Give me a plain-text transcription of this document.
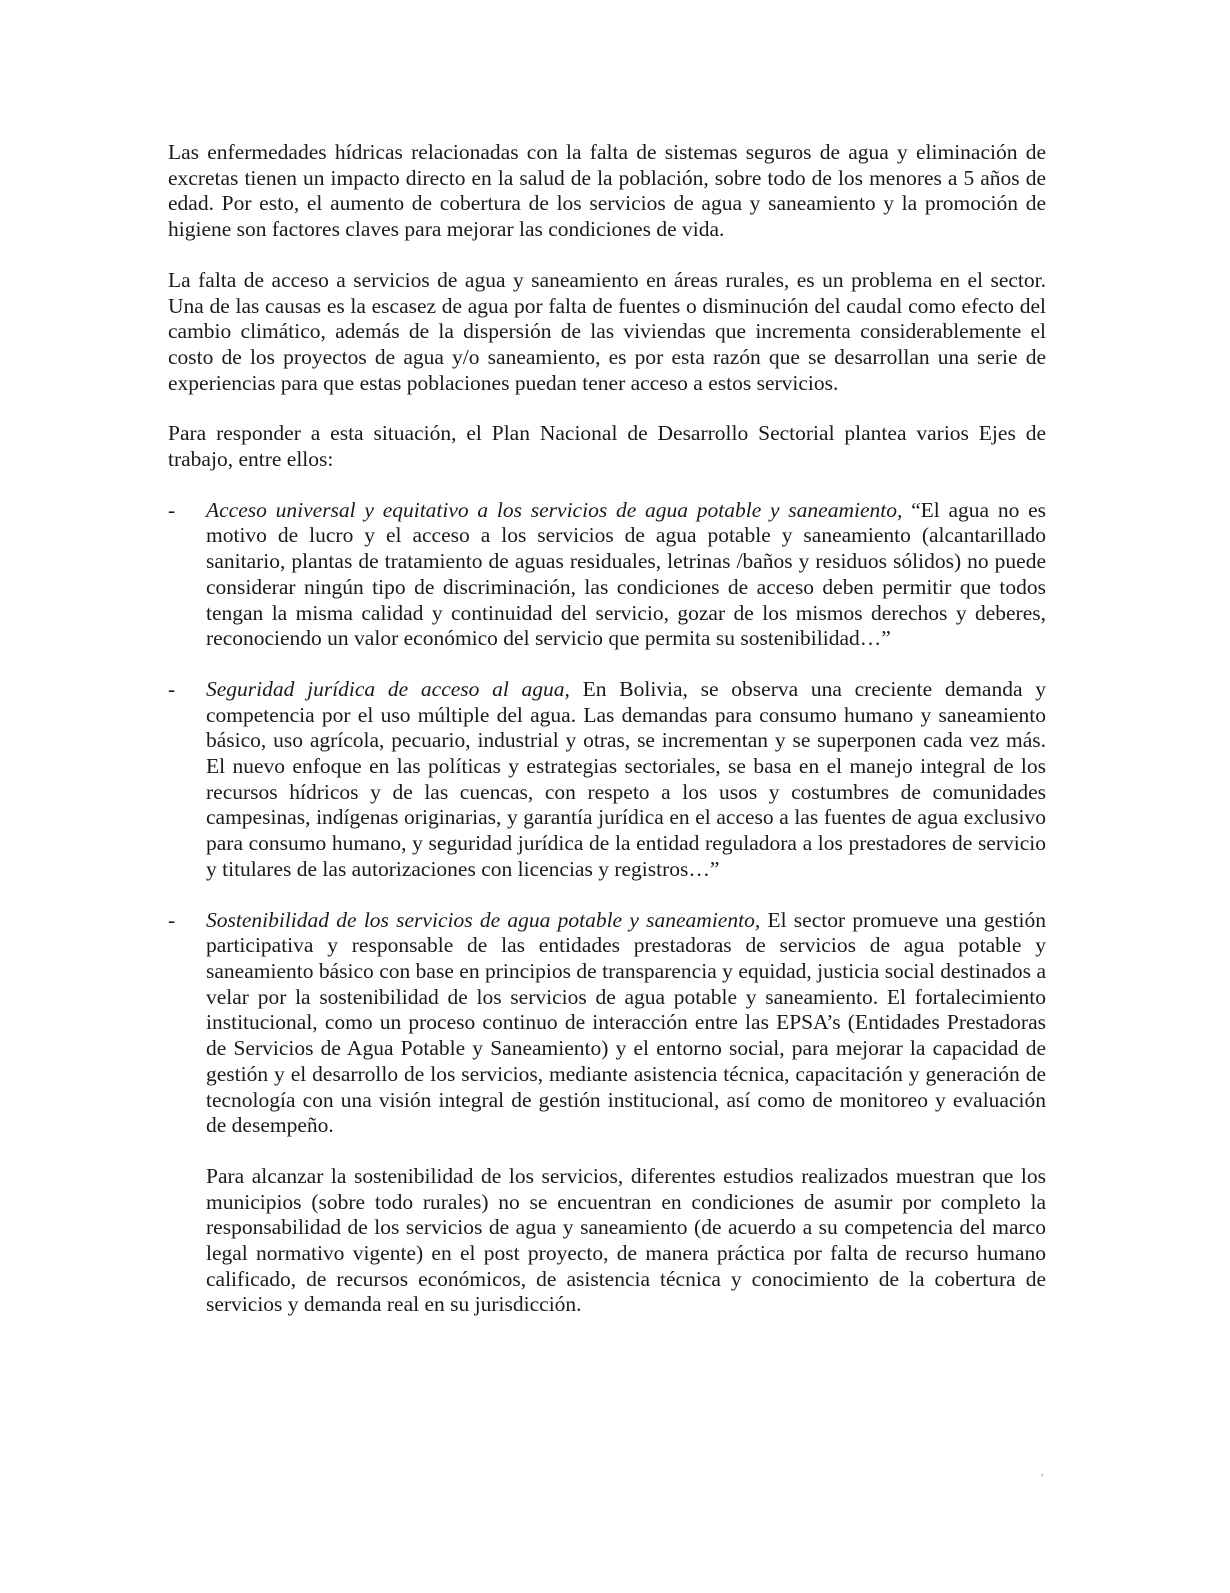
Las enfermedades hídricas relacionadas con la falta de sistemas seguros de agua y eliminación de excretas tienen un impacto directo en la salud de la población, sobre todo de los menores a 5 años de edad. Por esto, el aumento de cobertura de los servicios de agua y saneamiento y la promoción de higiene son factores claves para mejorar las condiciones de vida.

La falta de acceso a servicios de agua y saneamiento en áreas rurales, es un problema en el sector. Una de las causas es la escasez de agua por falta de fuentes o disminución del caudal como efecto del cambio climático, además de la dispersión de las viviendas que incrementa considerablemente el costo de los proyectos de agua y/o saneamiento, es por esta razón que se desarrollan una serie de experiencias para que estas poblaciones puedan tener acceso a estos servicios.

Para responder a esta situación, el Plan Nacional de Desarrollo Sectorial plantea varios Ejes de trabajo, entre ellos:

- Acceso universal y equitativo a los servicios de agua potable y saneamiento, “El agua no es motivo de lucro y el acceso a los servicios de agua potable y saneamiento (alcantarillado sanitario, plantas de tratamiento de aguas residuales, letrinas /baños y residuos sólidos) no puede considerar ningún tipo de discriminación, las condiciones de acceso deben permitir que todos tengan la misma calidad y continuidad del servicio, gozar de los mismos derechos y deberes, reconociendo un valor económico del servicio que permita su sostenibilidad…”
- Seguridad jurídica de acceso al agua, En Bolivia, se observa una creciente demanda y competencia por el uso múltiple del agua. Las demandas para consumo humano y saneamiento básico, uso agrícola, pecuario, industrial y otras, se incrementan y se superponen cada vez más. El nuevo enfoque en las políticas y estrategias sectoriales, se basa en el manejo integral de los recursos hídricos y de las cuencas, con respeto a los usos y costumbres de comunidades campesinas, indígenas originarias, y garantía jurídica en el acceso a las fuentes de agua exclusivo para consumo humano, y seguridad jurídica de la entidad reguladora a los prestadores de servicio y titulares de las autorizaciones con licencias y registros…”
- Sostenibilidad de los servicios de agua potable y saneamiento, El sector promueve una gestión participativa y responsable de las entidades prestadoras de servicios de agua potable y saneamiento básico con base en principios de transparencia y equidad, justicia social destinados a velar por la sostenibilidad de los servicios de agua potable y saneamiento. El fortalecimiento institucional, como un proceso continuo de interacción entre las EPSA’s (Entidades Prestadoras de Servicios de Agua Potable y Saneamiento) y el entorno social, para mejorar la capacidad de gestión y el desarrollo de los servicios, mediante asistencia técnica, capacitación y generación de tecnología con una visión integral de gestión institucional, así como de monitoreo y evaluación de desempeño.

Para alcanzar la sostenibilidad de los servicios, diferentes estudios realizados muestran que los municipios (sobre todo rurales) no se encuentran en condiciones de asumir por completo la responsabilidad de los servicios de agua y saneamiento (de acuerdo a su competencia del marco legal normativo vigente) en el post proyecto, de manera práctica por falta de recurso humano calificado, de recursos económicos, de asistencia técnica y conocimiento de la cobertura de servicios y demanda real en su jurisdicción.

‚
